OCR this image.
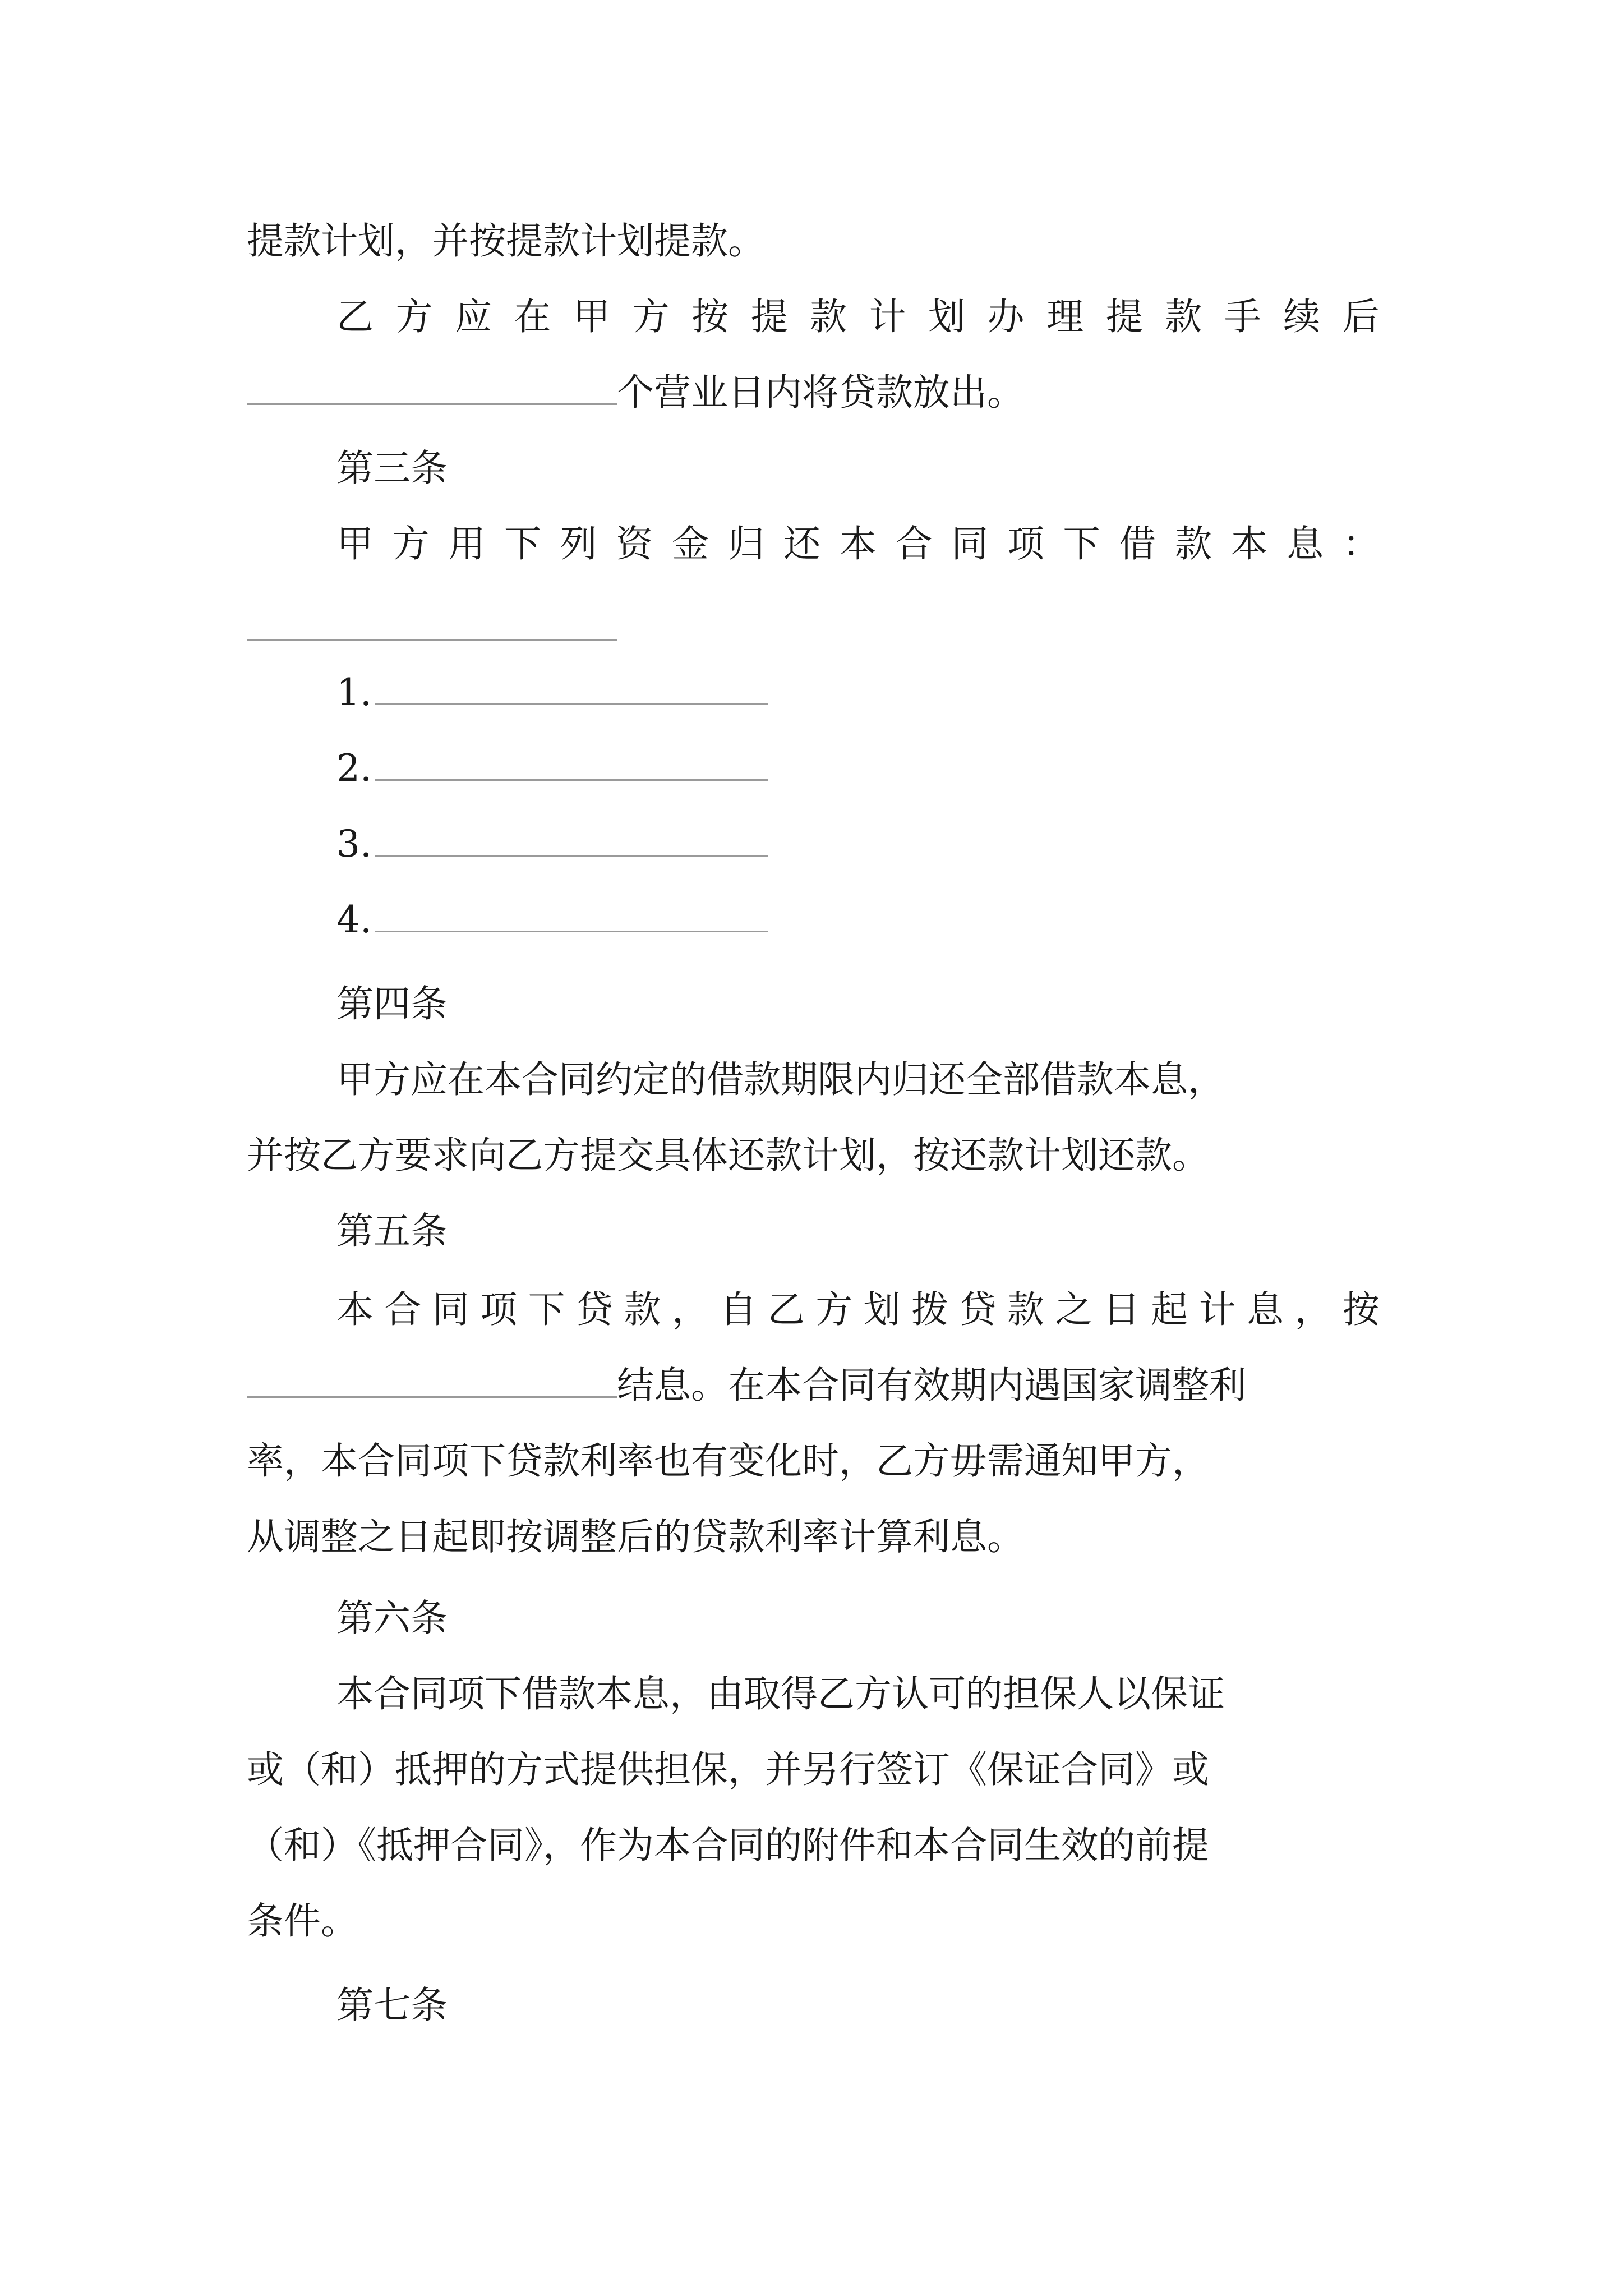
提款计划，并按提款计划提款。
乙 方 应 在 甲 方 按 提 款 计 划 办 理 提 款 手 续 后
个营业日内将贷款放出。
第三条
甲 方 用 下 列 资 金 归 还 本 合 同 项 下 借 款 本 息 ：
1.
2.
3.
4.
第四条
甲方应在本合同约定的借款期限内归还全部借款本息，
并按乙方要求向乙方提交具体还款计划，按还款计划还款。
第五条
本 合 同 项 下 贷 款 ， 自 乙 方 划 拨 贷 款 之 日 起 计 息 ， 按
结息。在本合同有效期内遇国家调整利
率，本合同项下贷款利率也有变化时，乙方毋需通知甲方，
从调整之日起即按调整后的贷款利率计算利息。
第六条
本合同项下借款本息，由取得乙方认可的担保人以保证
或（和）抵押的方式提供担保，并另行签订《保证合同》或
（和）《抵押合同》，作为本合同的附件和本合同生效的前提
条件。
第七条
